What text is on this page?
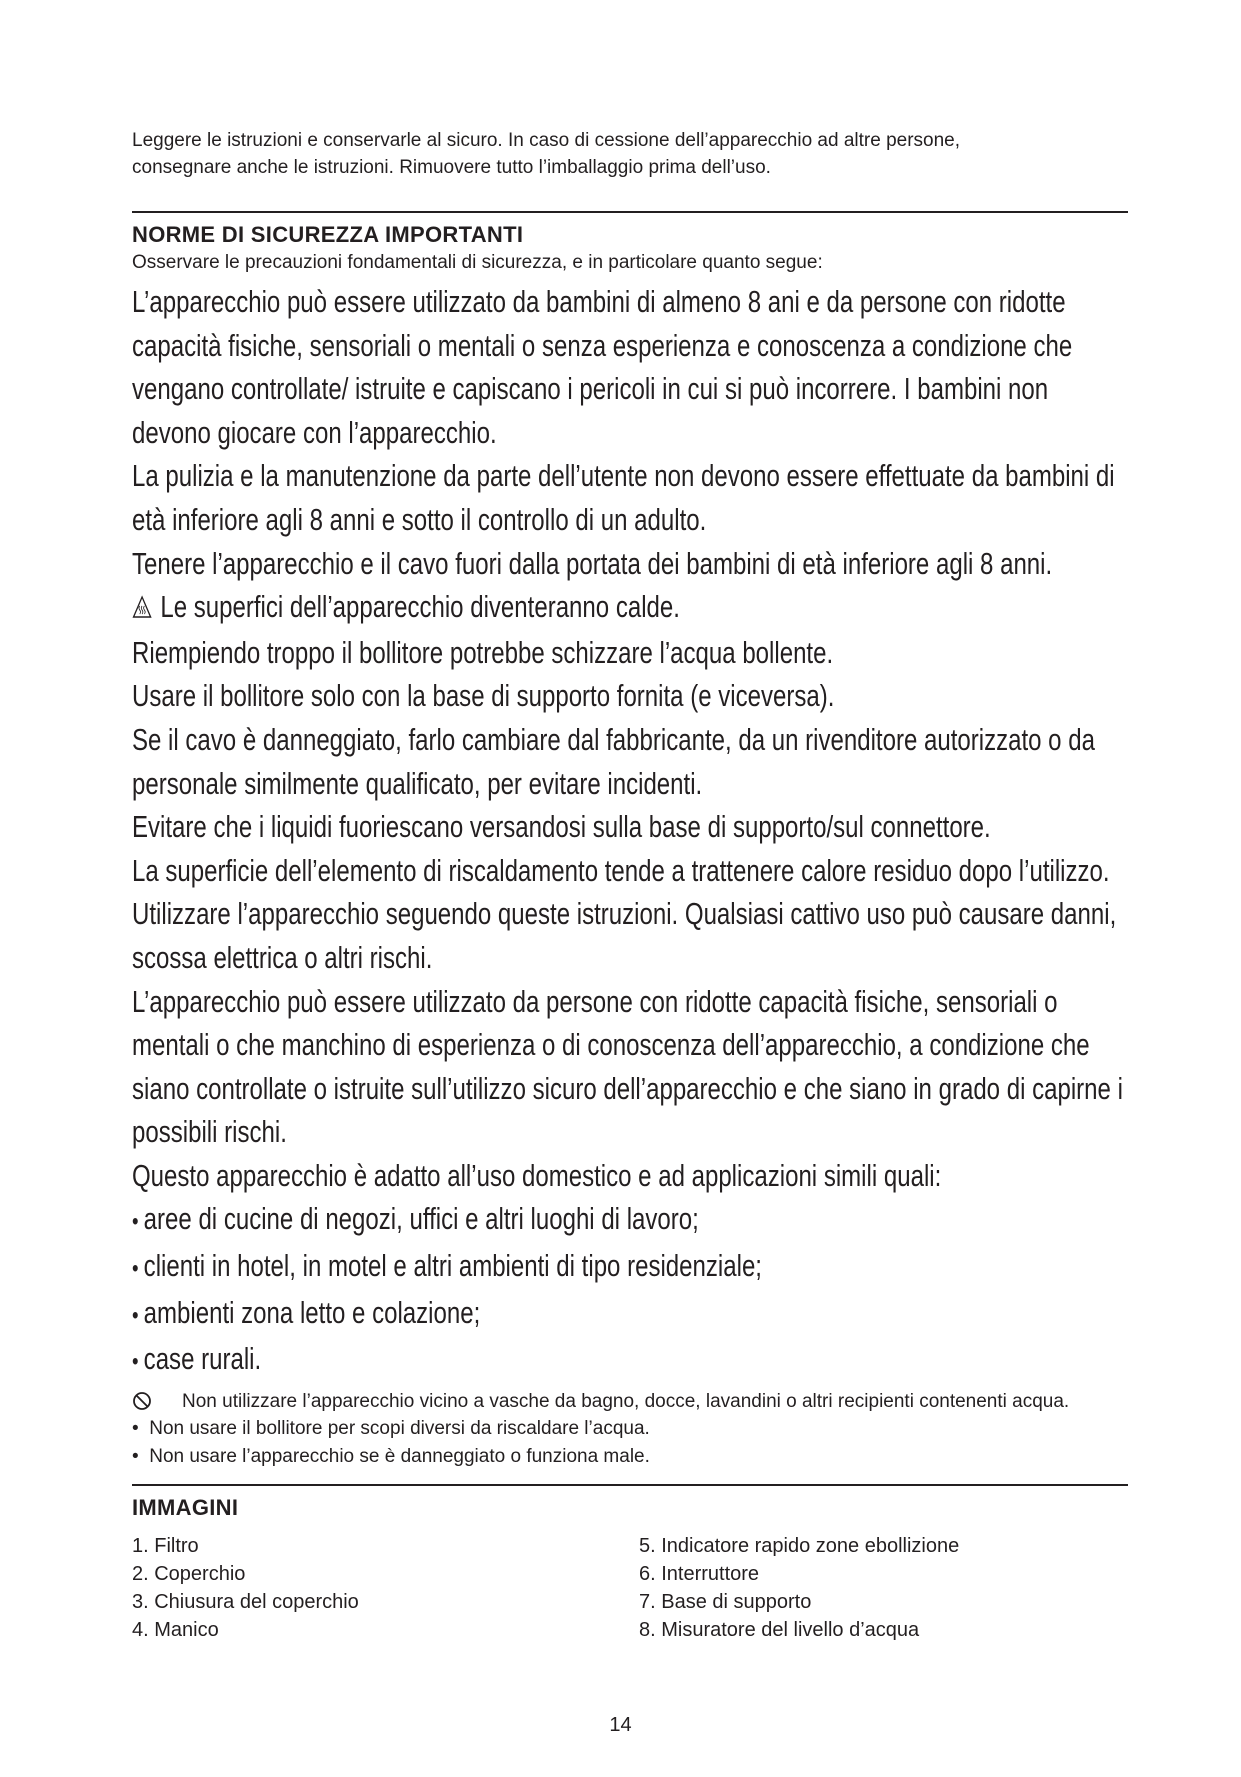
Leggere le istruzioni e conservarle al sicuro. In caso di cessione dell’apparecchio ad altre persone,
consegnare anche le istruzioni. Rimuovere tutto l’imballaggio prima dell’uso.
NORME DI SICUREZZA IMPORTANTI
Osservare le precauzioni fondamentali di sicurezza, e in particolare quanto segue:

L’apparecchio può essere utilizzato da bambini di almeno 8 ani e da persone con ridotte capacità fisiche, sensoriali o mentali o senza esperienza e conoscenza a condizione che vengano controllate/ istruite e capiscano i pericoli in cui si può incorrere. I bambini non devono giocare con l’apparecchio.

La pulizia e la manutenzione da parte dell’utente non devono essere effettuate da bambini di età inferiore agli 8 anni e sotto il controllo di un adulto.

Tenere l’apparecchio e il cavo fuori dalla portata dei bambini di età inferiore agli 8 anni.

Le superfici dell’apparecchio diventeranno calde.

Riempiendo troppo il bollitore potrebbe schizzare l’acqua bollente.

Usare il bollitore solo con la base di supporto fornita (e viceversa).

Se il cavo è danneggiato, farlo cambiare dal fabbricante, da un rivenditore autorizzato o da personale similmente qualificato, per evitare incidenti.

Evitare che i liquidi fuoriescano versandosi sulla base di supporto/sul connettore.

La superficie dell’elemento di riscaldamento tende a trattenere calore residuo dopo l’utilizzo.

Utilizzare l’apparecchio seguendo queste istruzioni. Qualsiasi cattivo uso può causare danni, scossa elettrica o altri rischi.

L’apparecchio può essere utilizzato da persone con ridotte capacità fisiche, sensoriali o mentali o che manchino di esperienza o di conoscenza dell’apparecchio, a condizione che siano controllate o istruite sull’utilizzo sicuro dell’apparecchio e che siano in grado di capirne i possibili rischi.

Questo apparecchio è adatto all’uso domestico e ad applicazioni simili quali:

• aree di cucine di negozi, uffici e altri luoghi di lavoro;

• clienti in hotel, in motel e altri ambienti di tipo residenziale;

• ambienti zona letto e colazione;

• case rurali.

Non utilizzare l’apparecchio vicino a vasche da bagno, docce, lavandini o altri recipienti contenenti acqua.

•  Non usare il bollitore per scopi diversi da riscaldare l’acqua.

•  Non usare l’apparecchio se è danneggiato o funziona male.

IMMAGINI
1. Filtro
2. Coperchio
3. Chiusura del coperchio
4. Manico
5. Indicatore rapido zone ebollizione
6. Interruttore
7. Base di supporto
8. Misuratore del livello d’acqua
14
